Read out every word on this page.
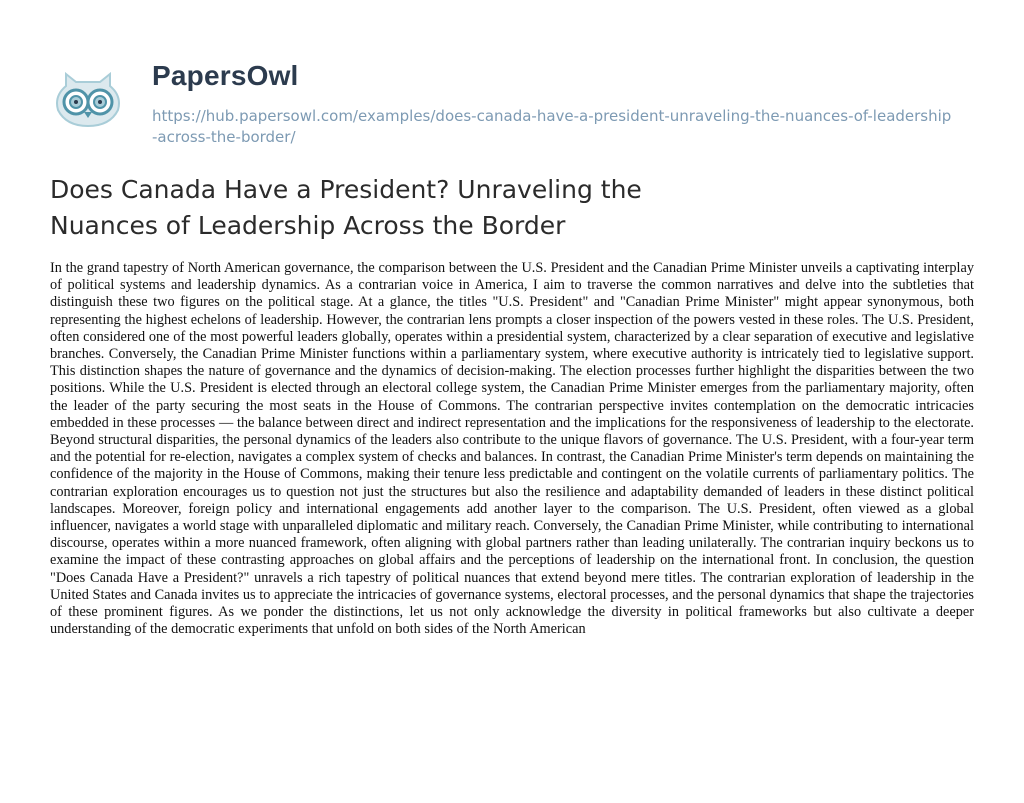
PapersOwl
https://hub.papersowl.com/examples/does-canada-have-a-president-unraveling-the-nuances-of-leadership-across-the-border/
Does Canada Have a President? Unraveling the Nuances of Leadership Across the Border

In the grand tapestry of North American governance, the comparison between the U.S. President and the Canadian Prime Minister unveils a captivating interplay of political systems and leadership dynamics. As a contrarian voice in America, I aim to traverse the common narratives and delve into the subtleties that distinguish these two figures on the political stage. At a glance, the titles "U.S. President" and "Canadian Prime Minister" might appear synonymous, both representing the highest echelons of leadership. However, the contrarian lens prompts a closer inspection of the powers vested in these roles. The U.S. President, often considered one of the most powerful leaders globally, operates within a presidential system, characterized by a clear separation of executive and legislative branches. Conversely, the Canadian Prime Minister functions within a parliamentary system, where executive authority is intricately tied to legislative support. This distinction shapes the nature of governance and the dynamics of decision-making. The election processes further highlight the disparities between the two positions. While the U.S. President is elected through an electoral college system, the Canadian Prime Minister emerges from the parliamentary majority, often the leader of the party securing the most seats in the House of Commons. The contrarian perspective invites contemplation on the democratic intricacies embedded in these processes — the balance between direct and indirect representation and the implications for the responsiveness of leadership to the electorate. Beyond structural disparities, the personal dynamics of the leaders also contribute to the unique flavors of governance. The U.S. President, with a four-year term and the potential for re-election, navigates a complex system of checks and balances. In contrast, the Canadian Prime Minister's term depends on maintaining the confidence of the majority in the House of Commons, making their tenure less predictable and contingent on the volatile currents of parliamentary politics. The contrarian exploration encourages us to question not just the structures but also the resilience and adaptability demanded of leaders in these distinct political landscapes. Moreover, foreign policy and international engagements add another layer to the comparison. The U.S. President, often viewed as a global influencer, navigates a world stage with unparalleled diplomatic and military reach. Conversely, the Canadian Prime Minister, while contributing to international discourse, operates within a more nuanced framework, often aligning with global partners rather than leading unilaterally. The contrarian inquiry beckons us to examine the impact of these contrasting approaches on global affairs and the perceptions of leadership on the international front. In conclusion, the question "Does Canada Have a President?" unravels a rich tapestry of political nuances that extend beyond mere titles. The contrarian exploration of leadership in the United States and Canada invites us to appreciate the intricacies of governance systems, electoral processes, and the personal dynamics that shape the trajectories of these prominent figures. As we ponder the distinctions, let us not only acknowledge the diversity in political frameworks but also cultivate a deeper understanding of the democratic experiments that unfold on both sides of the North American
